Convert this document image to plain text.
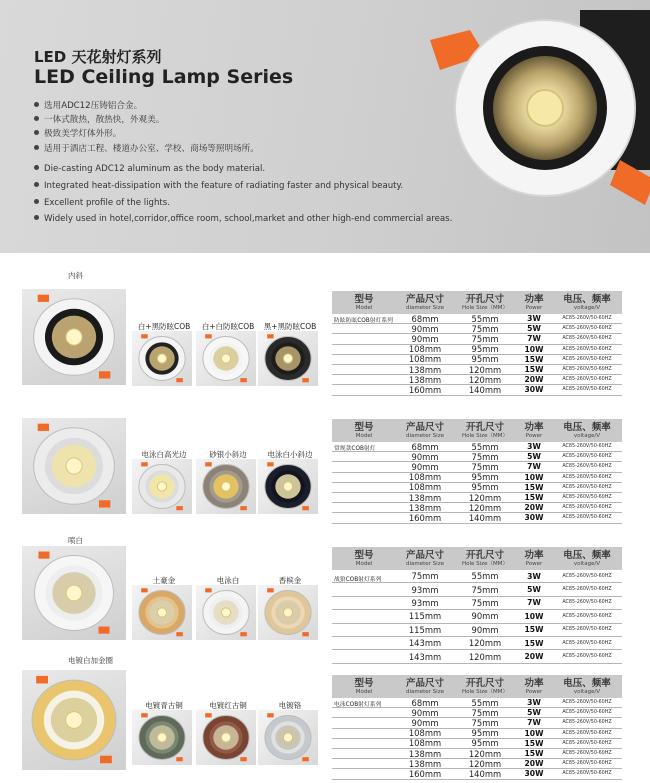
LED 天花射灯系列
LED Ceiling Lamp Series
选用ADC12压铸铝合金。
一体式散热，散热快，外观美。
极致美学灯体外形。
适用于酒店工程、楼道办公室、学校、商场等照明场所。
Die-casting ADC12 aluminum as the body material.
Integrated heat-dissipation with the feature of radiating faster and physical beauty.
Excellent profile of the lights.
Widely used in hotel,corridor,office room, school,market and other high-end commercial areas.
内斜
白+黑防眩COB	白+白防眩COB	黑+黑防眩COB
型号
Model
产品尺寸
diameter Size
开孔尺寸
Hole Size（MM）
功率
Power
电压、频率
voltage/V
68mm	55mm	3W	AC85-260V/50-60HZ
90mm	75mm	5W	AC85-260V/50-60HZ
90mm	75mm	7W	AC85-260V/50-60HZ
108mm	95mm	10W	AC85-260V/50-60HZ
108mm	95mm	15W	AC85-260V/50-60HZ
138mm	120mm	15W	AC85-260V/50-60HZ
138mm	120mm	20W	AC85-260V/50-60HZ
160mm	140mm	30W	AC85-260V/50-60HZ
防眩防眩COB射灯系列
电泳白高光边	砂银小斜边	电泳白小斜边
型号
Model
产品尺寸
diameter Size
开孔尺寸
Hole Size（MM）
功率
Power
电压、频率
voltage/V
68mm	55mm	3W	AC85-260V/50-60HZ
90mm	75mm	5W	AC85-260V/50-60HZ
90mm	75mm	7W	AC85-260V/50-60HZ
108mm	95mm	10W	AC85-260V/50-60HZ
108mm	95mm	15W	AC85-260V/50-60HZ
138mm	120mm	15W	AC85-260V/50-60HZ
138mm	120mm	20W	AC85-260V/50-60HZ
160mm	140mm	30W	AC85-260V/50-60HZ
常规款COB射灯
喷白
土豪金	电泳白	香槟金
型号
Model
产品尺寸
diameter Size
开孔尺寸
Hole Size（MM）
功率
Power
电压、频率
voltage/V
75mm	55mm	3W	AC85-260V/50-60HZ
93mm	75mm	5W	AC85-260V/50-60HZ
93mm	75mm	7W	AC85-260V/50-60HZ
115mm	90mm	10W	AC85-260V/50-60HZ
115mm	90mm	15W	AC85-260V/50-60HZ
143mm	120mm	15W	AC85-260V/50-60HZ
143mm	120mm	20W	AC85-260V/50-60HZ
战狼COB射灯系列
电镀白加金圈
电镀青古铜	电镀红古铜	电镀铬
型号
Model
产品尺寸
diameter Size
开孔尺寸
Hole Size（MM）
功率
Power
电压、频率
voltage/V
68mm	55mm	3W	AC85-260V/50-60HZ
90mm	75mm	5W	AC85-260V/50-60HZ
90mm	75mm	7W	AC85-260V/50-60HZ
108mm	95mm	10W	AC85-260V/50-60HZ
108mm	95mm	15W	AC85-260V/50-60HZ
138mm	120mm	15W	AC85-260V/50-60HZ
138mm	120mm	20W	AC85-260V/50-60HZ
160mm	140mm	30W	AC85-260V/50-60HZ
电泳COB射灯系列
